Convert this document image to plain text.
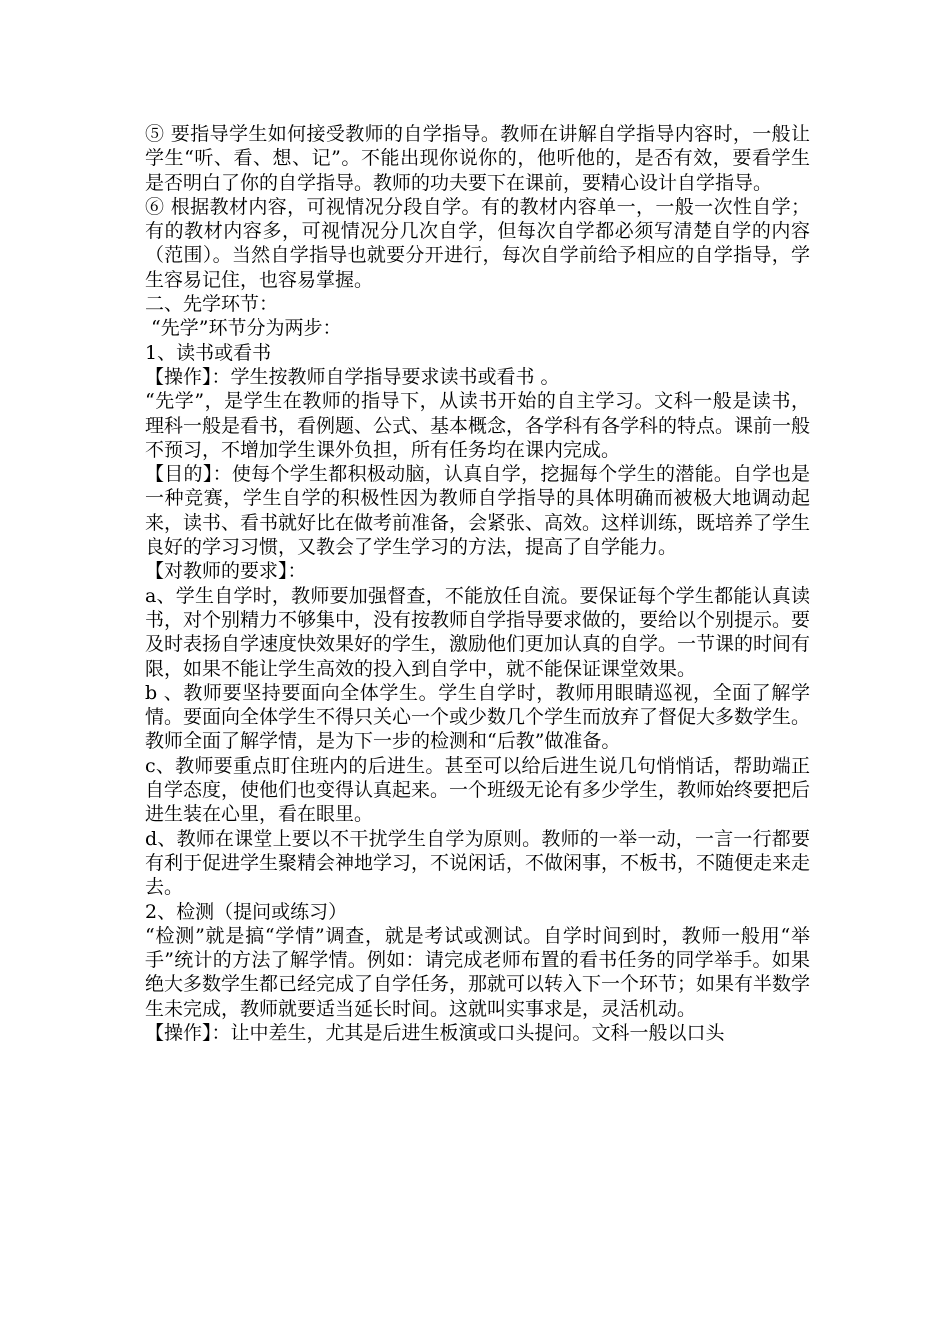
⑤ 要指导学生如何接受教师的自学指导。教师在讲解自学指导内容时，一般让学生“听、看、想、记”。不能出现你说你的，他听他的，是否有效，要看学生是否明白了你的自学指导。教师的功夫要下在课前，要精心设计自学指导。

⑥ 根据教材内容，可视情况分段自学。有的教材内容单一，一般一次性自学；有的教材内容多，可视情况分几次自学，但每次自学都必须写清楚自学的内容（范围）。当然自学指导也就要分开进行，每次自学前给予相应的自学指导，学生容易记住，也容易掌握。

二、先学环节：

“先学”环节分为两步：

1、读书或看书

【操作】：学生按教师自学指导要求读书或看书 。

“先学”，是学生在教师的指导下，从读书开始的自主学习。文科一般是读书，理科一般是看书，看例题、公式、基本概念，各学科有各学科的特点。课前一般不预习，不增加学生课外负担，所有任务均在课内完成。

【目的】：使每个学生都积极动脑，认真自学，挖掘每个学生的潜能。自学也是一种竞赛，学生自学的积极性因为教师自学指导的具体明确而被极大地调动起来，读书、看书就好比在做考前准备，会紧张、高效。这样训练，既培养了学生良好的学习习惯，又教会了学生学习的方法，提高了自学能力。

【对教师的要求】：

a、学生自学时，教师要加强督查，不能放任自流。要保证每个学生都能认真读书，对个别精力不够集中，没有按教师自学指导要求做的，要给以个别提示。要及时表扬自学速度快效果好的学生，激励他们更加认真的自学。一节课的时间有限，如果不能让学生高效的投入到自学中，就不能保证课堂效果。

b 、教师要坚持要面向全体学生。学生自学时，教师用眼睛巡视，全面了解学情。要面向全体学生不得只关心一个或少数几个学生而放弃了督促大多数学生。教师全面了解学情，是为下一步的检测和“后教”做准备。

c、教师要重点盯住班内的后进生。甚至可以给后进生说几句悄悄话，帮助端正自学态度，使他们也变得认真起来。一个班级无论有多少学生，教师始终要把后进生装在心里，看在眼里。

d、教师在课堂上要以不干扰学生自学为原则。教师的一举一动，一言一行都要有利于促进学生聚精会神地学习，不说闲话，不做闲事，不板书，不随便走来走去。

2、检测（提问或练习）

“检测”就是搞“学情”调查，就是考试或测试。自学时间到时，教师一般用“举手”统计的方法了解学情。例如：请完成老师布置的看书任务的同学举手。如果绝大多数学生都已经完成了自学任务，那就可以转入下一个环节；如果有半数学生未完成，教师就要适当延长时间。这就叫实事求是，灵活机动。

【操作】：让中差生，尤其是后进生板演或口头提问。文科一般以口头
